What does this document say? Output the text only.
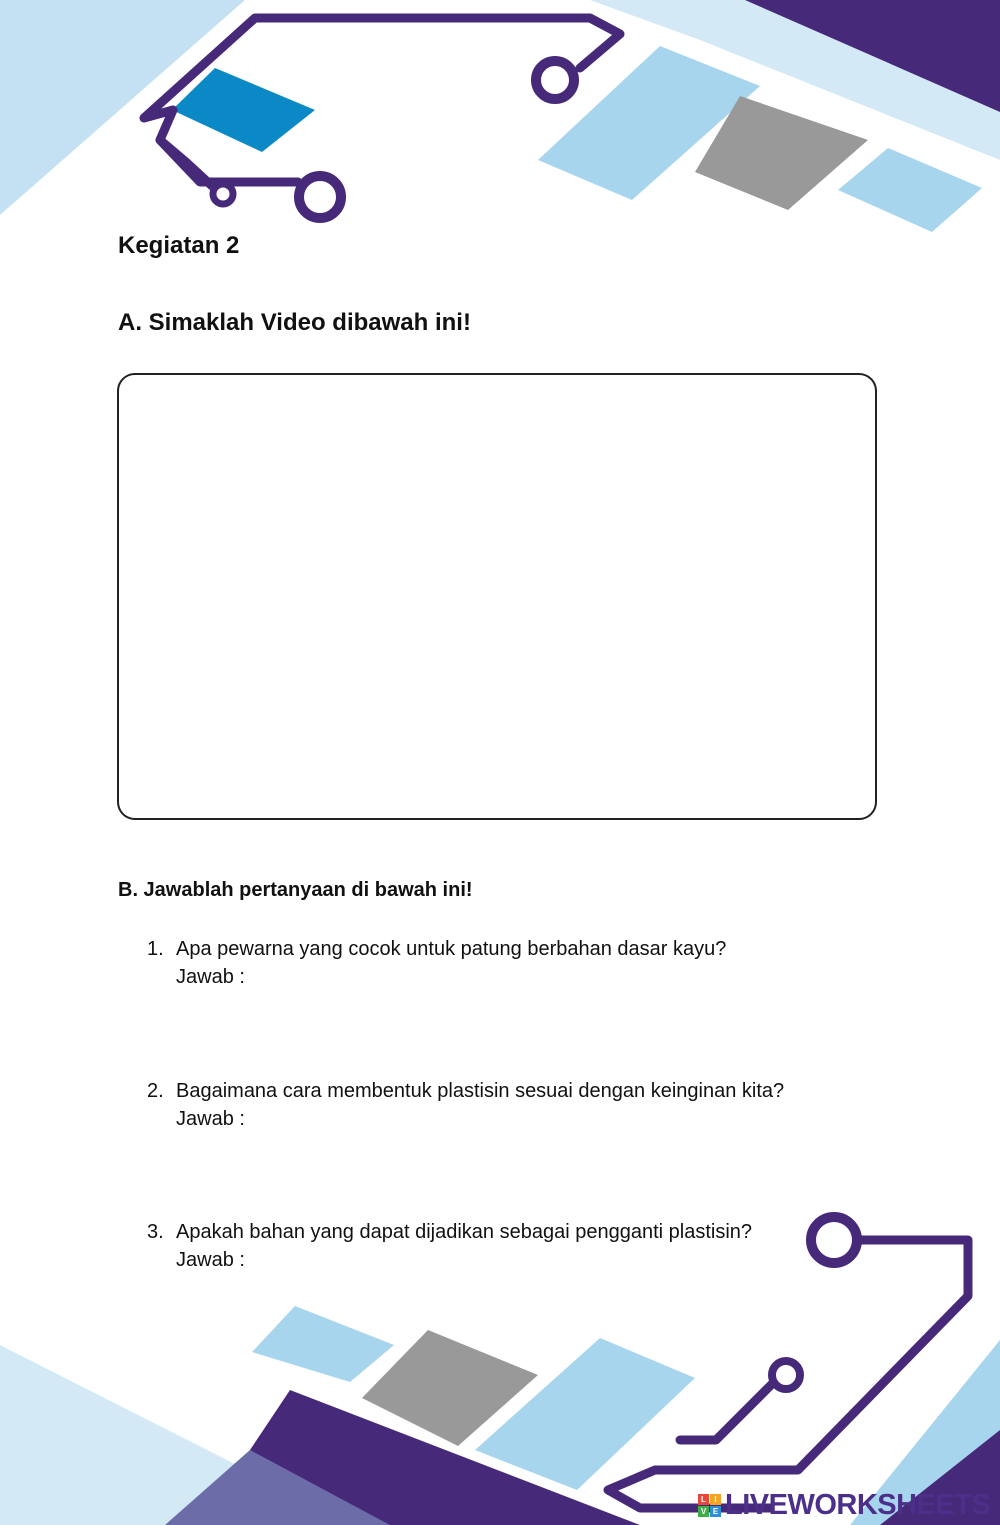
Kegiatan 2
A. Simaklah Video dibawah ini!
B. Jawablah pertanyaan di bawah ini!
1. Apa pewarna yang cocok untuk patung berbahan dasar kayu?
Jawab :
2. Bagaimana cara membentuk plastisin sesuai dengan keinginan kita?
Jawab :
3. Apakah bahan yang dapat dijadikan sebagai pengganti plastisin?
Jawab :
L	I
V E LIVEWORKSHEETS
